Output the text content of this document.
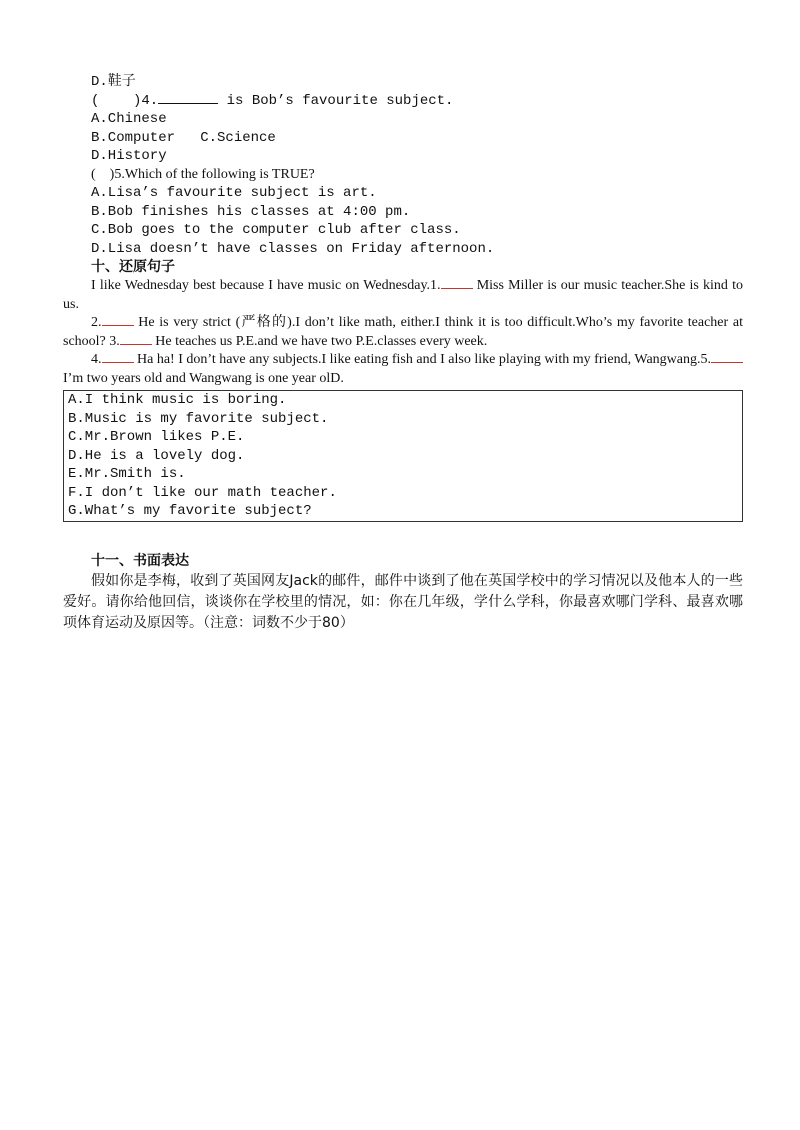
D.鞋子
(    )4.	is Bob’s favourite subject.
A.Chinese
B.Computer   C.Science
D.History
(    )5.Which of the following is TRUE?
A.Lisa’s favourite subject is art.
B.Bob finishes his classes at 4:00 pm.
C.Bob goes to the computer club after class.
D.Lisa doesn’t have classes on Friday afternoon.
十、还原句子
I like Wednesday best because I have music on Wednesday.1. Miss Miller is our music teacher.She is kind to us.
2. He is very strict (严格的).I don’t like math, either.I think it is too difficult.Who’s my favorite teacher at school? 3. He teaches us P.E.and we have two P.E.classes every week.
4. Ha ha! I don’t have any subjects.I like eating fish and I also like playing with my friend, Wangwang.5. I’m two years old and Wangwang is one year olD.
A.I think music is boring.
B.Music is my favorite subject.
C.Mr.Brown likes P.E.
D.He is a lovely dog.
E.Mr.Smith is.
F.I don’t like our math teacher.
G.What’s my favorite subject?
十一、书面表达
假如你是李梅，收到了英国网友Jack的邮件，邮件中谈到了他在英国学校中的学习情况以及他本人的一些爱好。请你给他回信，谈谈你在学校里的情况，如：你在几年级，学什么学科，你最喜欢哪门学科、最喜欢哪项体育运动及原因等。（注意：词数不少于80）
